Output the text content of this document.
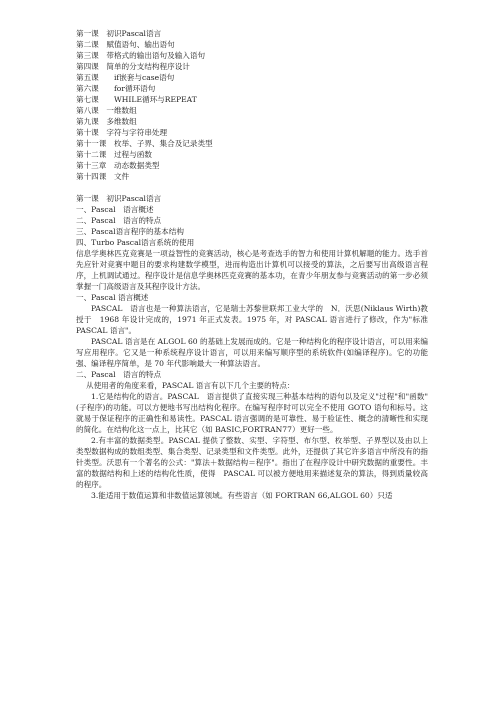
第一课　初识Pascal语言
第二课　赋值语句、输出语句
第三课　带格式的输出语句及输入语句
第四课　简单的分支结构程序设计
第五课　　if嵌套与case语句
第六课　　for循环语句
第七课　　WHILE循环与REPEAT
第八课　一维数组
第九课　多维数组
第十课　字符与字符串处理
第十一课　枚举、子界、集合及记录类型
第十二课　过程与函数
第十三章　动态数据类型
第十四课　文件
第一课　初识Pascal语言
一、Pascal　语言概述
二、Pascal　语言的特点
三、Pascal语言程序的基本结构
四、Turbo Pascal语言系统的使用
信息学奥林匹克竞赛是一项益智性的竞赛活动，核心是考查选手的智力和使用计算机解题的能力。选手首先应针对竞赛中题目的要求构建数学模型，进而构造出计算机可以接受的算法，之后要写出高级语言程序，上机调试通过。程序设计是信息学奥林匹克竞赛的基本功，在青少年朋友参与竞赛活动的第一步必须掌握一门高级语言及其程序设计方法。
一、Pascal 语言概述
PASCAL　语言也是一种算法语言，它是瑞士苏黎世联邦工业大学的　N．沃思(Niklaus Wirth)教授于　1968 年设计完成的，1971 年正式发表。1975 年，对 PASCAL 语言进行了修改，作为"标准 PASCAL 语言"。
PASCAL 语言是在 ALGOL 60 的基础上发展而成的。它是一种结构化的程序设计语言，可以用来编写应用程序。它又是一种系统程序设计语言，可以用来编写顺序型的系统软件(如编译程序)。它的功能强、编译程序简单，是 70 年代影响最大一种算法语言。
二、Pascal　语言的特点
从使用者的角度来看，PASCAL 语言有以下几个主要的特点：
1.它是结构化的语言。PASCAL　语言提供了直接实现三种基本结构的语句以及定义"过程"和"函数"(子程序)的功能。可以方便地书写出结构化程序。在编写程序时可以完全不使用 GOTO 语句和标号。这就易于保证程序的正确性和易读性。PASCAL 语言强调的是可靠性、易于验证性、概念的清晰性和实现的简化。在结构化这一点上，比其它（如 BASIC,FORTRAN77）更好一些。
2.有丰富的数据类型。PASCAL 提供了整数、实型、字符型、布尔型、枚举型、子界型以及由以上类型数据构成的数组类型、集合类型、记录类型和文件类型。此外，还提供了其它许多语言中所没有的指针类型。沃思有一个著名的公式："算法＋数据结构＝程序"。指出了在程序设计中研究数据的重要性。丰富的数据结构和上述的结构化性质，使得　PASCAL 可以被方便地用来描述复杂的算法，得到质量较高的程序。
3.能适用于数值运算和非数值运算领域。有些语言（如 FORTRAN 66,ALGOL 60）只适
